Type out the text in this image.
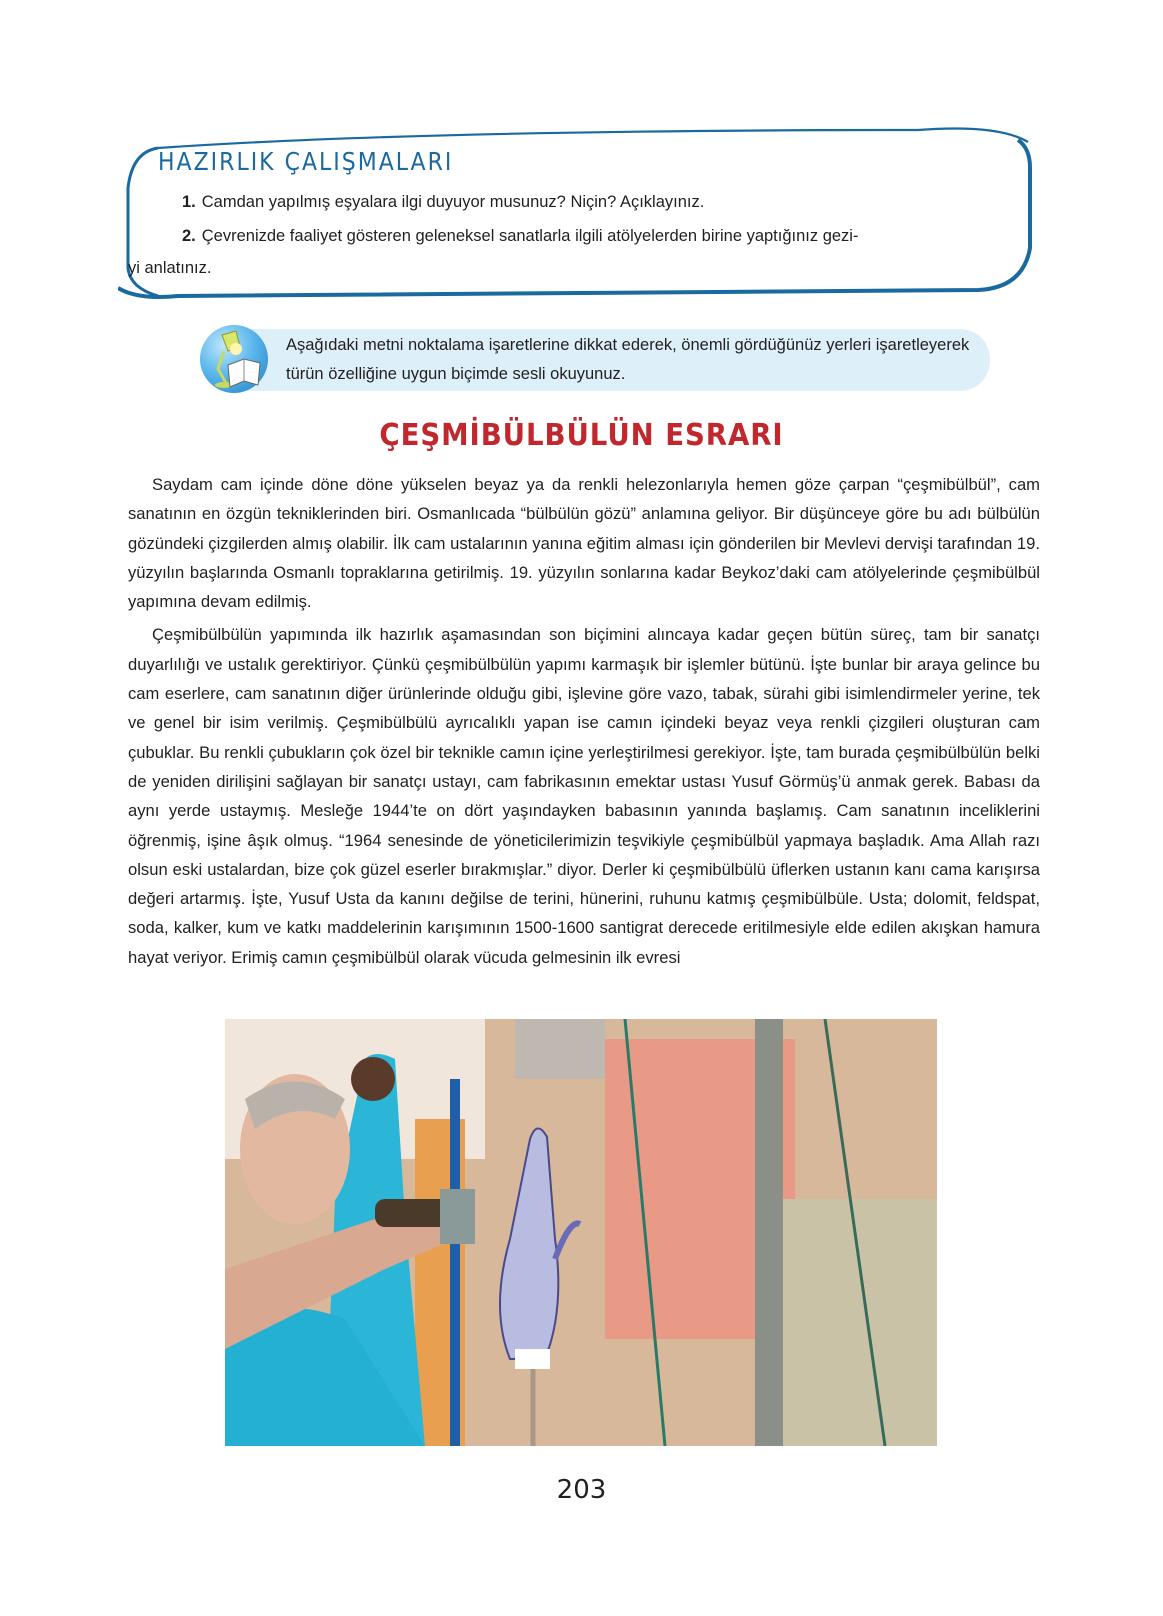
HAZIRLIK ÇALIŞMALARI
1. Camdan yapılmış eşyalara ilgi duyuyor musunuz? Niçin? Açıklayınız.
2. Çevrenizde faaliyet gösteren geleneksel sanatlarla ilgili atölyelerden birine yaptığınız gezi-
yi anlatınız.
Aşağıdaki metni noktalama işaretlerine dikkat ederek, önemli gördüğünüz yerleri işaretleyerek türün özelliğine uygun biçimde sesli okuyunuz.
ÇEŞMİBÜLBÜLÜN ESRARI

Saydam cam içinde döne döne yükselen beyaz ya da renkli helezonlarıyla hemen göze çarpan “çeşmibülbül”, cam sanatının en özgün tekniklerinden biri. Osmanlıcada “bülbülün gözü” anlamına geliyor. Bir düşünceye göre bu adı bülbülün gözündeki çizgilerden almış olabilir. İlk cam ustalarının yanına eğitim alması için gönderilen bir Mevlevi dervişi tarafından 19. yüzyılın başlarında Osmanlı topraklarına getirilmiş. 19. yüzyılın sonlarına kadar Beykoz’daki cam atölyelerinde çeşmibülbül yapımına devam edilmiş.

Çeşmibülbülün yapımında ilk hazırlık aşamasından son biçimini alıncaya kadar geçen bütün süreç, tam bir sanatçı duyarlılığı ve ustalık gerektiriyor. Çünkü çeşmibülbülün yapımı karmaşık bir işlemler bütünü. İşte bunlar bir araya gelince bu cam eserlere, cam sanatının diğer ürünlerinde olduğu gibi, işlevine göre vazo, tabak, sürahi gibi isimlendirmeler yerine, tek ve genel bir isim verilmiş. Çeşmibülbülü ayrıcalıklı yapan ise camın içindeki beyaz veya renkli çizgileri oluşturan cam çubuklar. Bu renkli çubukların çok özel bir teknikle camın içine yerleştirilmesi gerekiyor. İşte, tam burada çeşmibülbülün belki de yeniden dirilişini sağlayan bir sanatçı ustayı, cam fabrikasının emektar ustası Yusuf Görmüş’ü anmak gerek. Babası da aynı yerde ustaymış. Mesleğe 1944’te on dört yaşındayken babasının yanında başlamış. Cam sanatının inceliklerini öğrenmiş, işine âşık olmuş. “1964 senesinde de yöneticilerimizin teşvikiyle çeşmibülbül yapmaya başladık. Ama Allah razı olsun eski ustalardan, bize çok güzel eserler bırakmışlar.” diyor. Derler ki çeşmibülbülü üflerken ustanın kanı cama karışırsa değeri artarmış. İşte, Yusuf Usta da kanını değilse de terini, hünerini, ruhunu katmış çeşmibülbüle. Usta; dolomit, feldspat, soda, kalker, kum ve katkı maddelerinin karışımının 1500-1600 santigrat derecede eritilmesiyle elde edilen akışkan hamura hayat veriyor. Erimiş camın çeşmibülbül olarak vücuda gelmesinin ilk evresi

203
